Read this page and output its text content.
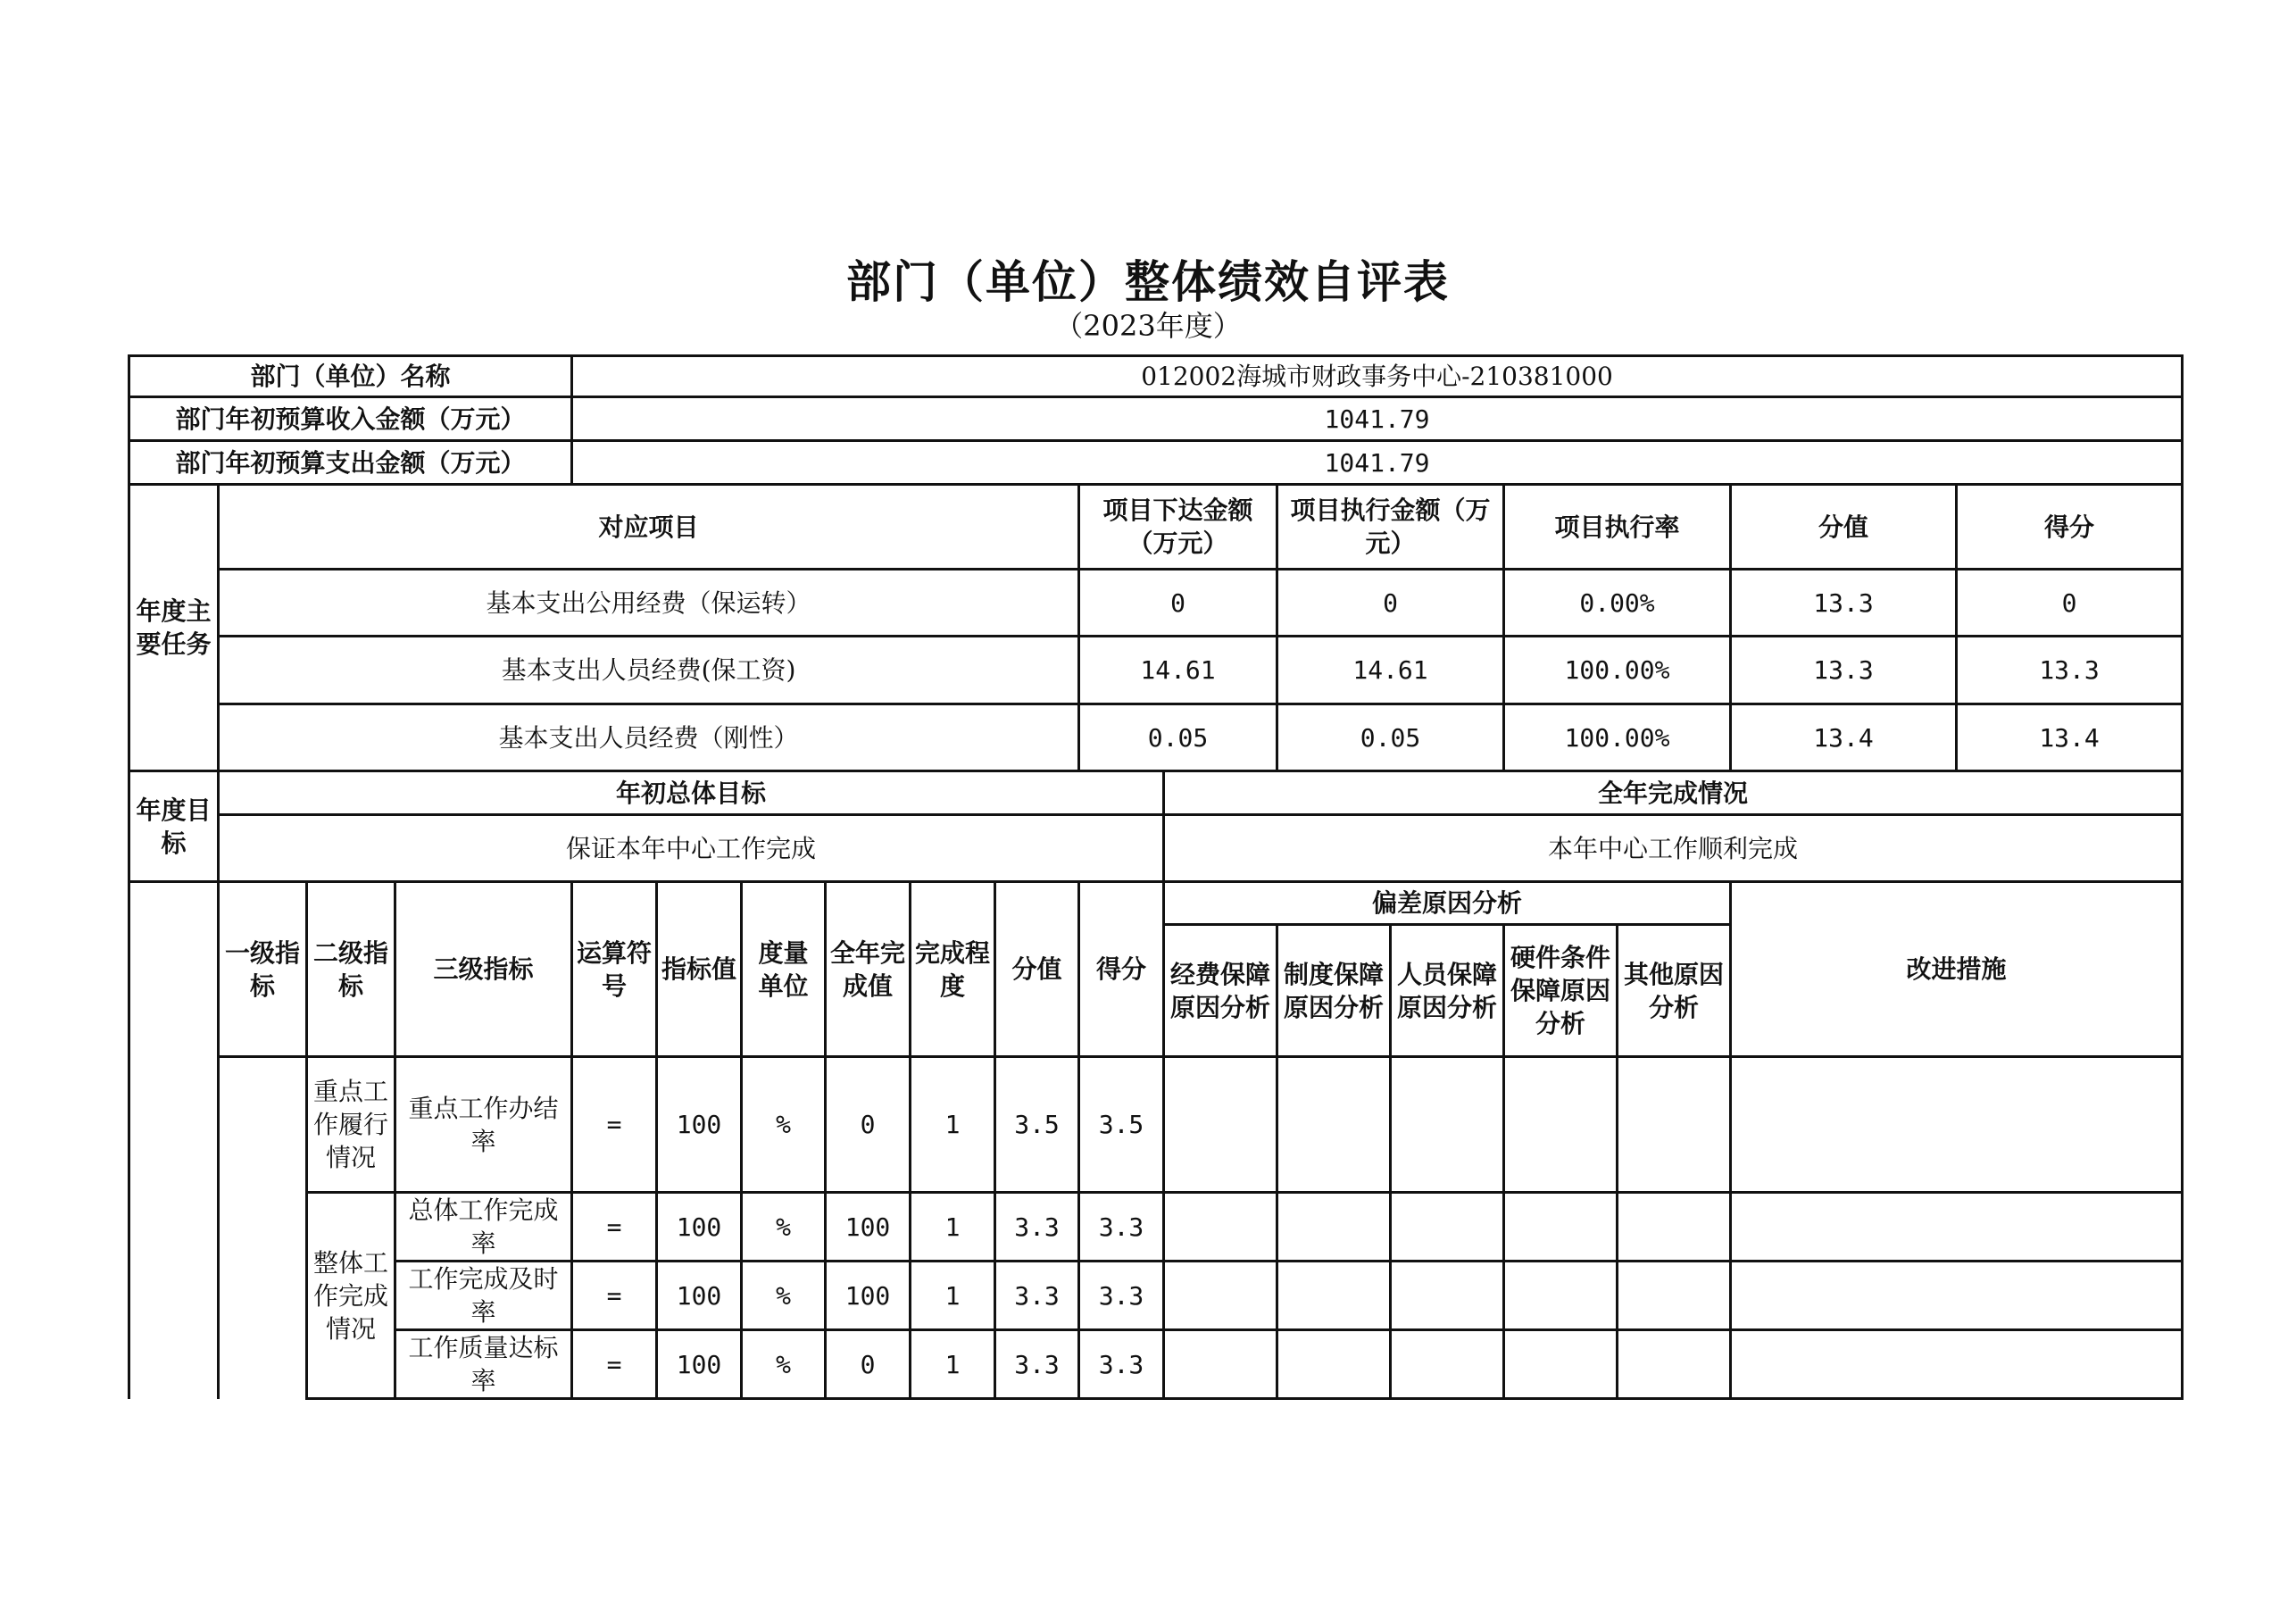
部门（单位）整体绩效自评表
（2023年度）
部门（单位）名称				012002海城市财政事务中心-210381000													
部门年初预算收入金额（万元）				1041.79													
部门年初预算支出金额（万元）				1041.79													
年度主要任务	对应项目									项目下达金额（万元）		项目执行金额（万元）		项目执行率		分值	得分
	基本支出公用经费（保运转）									0		0		0.00%		13.3	0
	基本支出人员经费(保工资)									14.61		14.61		100.00%		13.3	13.3
	基本支出人员经费（刚性）									0.05		0.05		100.00%		13.4	13.4
年度目标	年初总体目标										全年完成情况						
	保证本年中心工作完成										本年中心工作顺利完成						
	一级指标	二级指标	三级指标	运算符号	指标值	度量单位	全年完成值	完成程度	分值	得分	偏差原因分析					改进措施	
											经费保障原因分析	制度保障原因分析	人员保障原因分析	硬件条件保障原因分析	其他原因分析		
		重点工作履行情况	重点工作办结率	=	100	%	0	1	3.5	3.5							
		整体工作完成情况	总体工作完成率	=	100	%	100	1	3.3	3.3							
			工作完成及时率	=	100	%	100	1	3.3	3.3							
			工作质量达标率	=	100	%	0	1	3.3	3.3							
